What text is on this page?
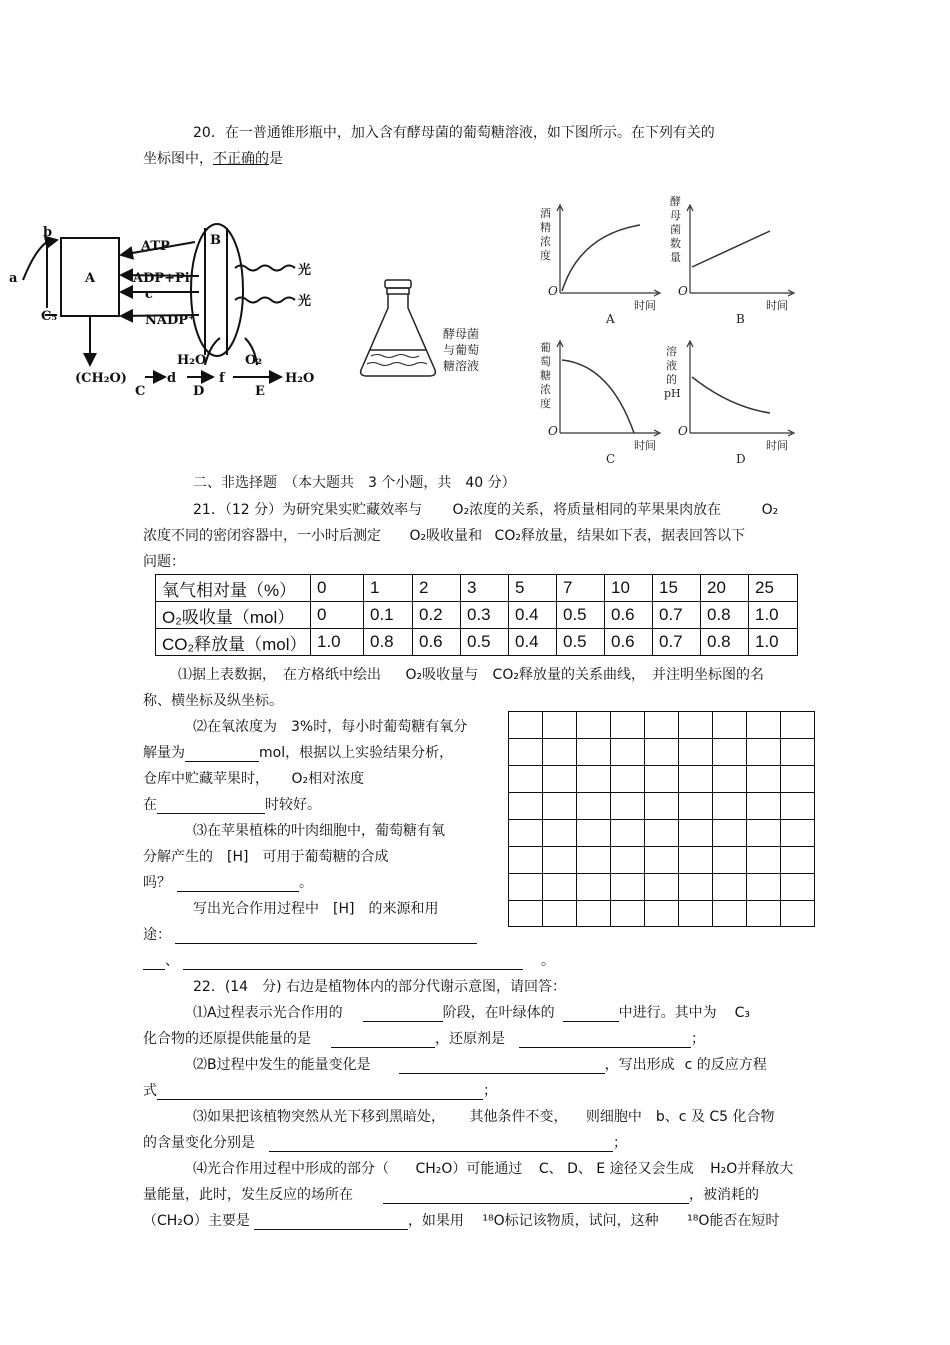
20．在一普通锥形瓶中，加入含有酵母菌的葡萄糖溶液，如下图所示。在下列有关的
坐标图中，不正确的是
b
a	A
B
C₅
ATP
ADP+Pi
c
NADP⁺
光
光
H₂O	O₂
(CH₂O)
C
d
D
f
E
H₂O
酵母菌
与葡萄
糖溶液
酒
精
浓
度
酵
母
菌
数
量
葡
萄
糖
浓
度
溶
液
的
pH
时间	时间
时间	时间
O	O
O	O
A	B
C	D
二、非选择题　（本大题共　3 个小题，共　40 分）
21．（12 分）为研究果实贮藏效率与 O₂浓度的关系，将质量相同的苹果果肉放在	O₂
浓度不同的密闭容器中，一小时后测定 O₂吸收量和 CO₂释放量，结果如下表，据表回答以下
问题：
氧气相对量（%）	0	1	2	3	5	7	10	15	20	25
O₂吸收量（mol）	0	0.1	0.2	0.3	0.4	0.5	0.6	0.7	0.8	1.0
CO₂释放量（mol）	1.0	0.8	0.6	0.5	0.4	0.5	0.6	0.7	0.8	1.0
⑴据上表数据，　在方格纸中绘出 O₂吸收量与 CO₂释放量的关系曲线，　并注明坐标图的名
称、横坐标及纵坐标。
⑵在氧浓度为　3%时，每小时葡萄糖有氧分
解量为	mol，根据以上实验结果分析，
仓库中贮藏苹果时， O₂相对浓度
在	时较好。
⑶在苹果植株的叶肉细胞中，葡萄糖有氧
分解产生的　[H]　可用于葡萄糖的合成
吗？	。
写出光合作用过程中　[H]　的来源和用
途：
、	。
22．(14　分) 右边是植物体内的部分代谢示意图，请回答：
⑴A过程表示光合作用的	阶段，在叶绿体的	中进行。其中为 C₃
化合物的还原提供能量的是	，还原剂是	；
⑵B过程中发生的能量变化是	，写出形成 c 的反应方程
式	；
⑶如果把该植物突然从光下移到黑暗处， 其他条件不变， 则细胞中　b、c 及 C5 化合物
的含量变化分别是	；
⑷光合作用过程中形成的部分（ CH₂O）可能通过 C、 D、 E 途径又会生成 H₂O并释放大
量能量，此时，发生反应的场所在	，被消耗的
（CH₂O）主要是	，如果用 ¹⁸O标记该物质，试问，这种 ¹⁸O能否在短时
